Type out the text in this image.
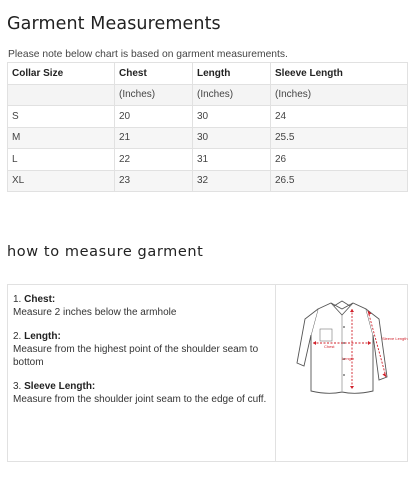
Garment Measurements
Please note below chart is based on garment measurements.
Collar Size	Chest	Length	Sleeve Length
	(Inches)	(Inches)	(Inches)
S	20	30	24
M	21	30	25.5
L	22	31	26
XL	23	32	26.5
how to measure garment
1. Chest:
Measure 2 inches below the armhole
2. Length:
Measure from the highest point of the shoulder seam to bottom
3. Sleeve Length:
Measure from the shoulder joint seam to the edge of cuff.
Chest
Length
Sleeve Length
